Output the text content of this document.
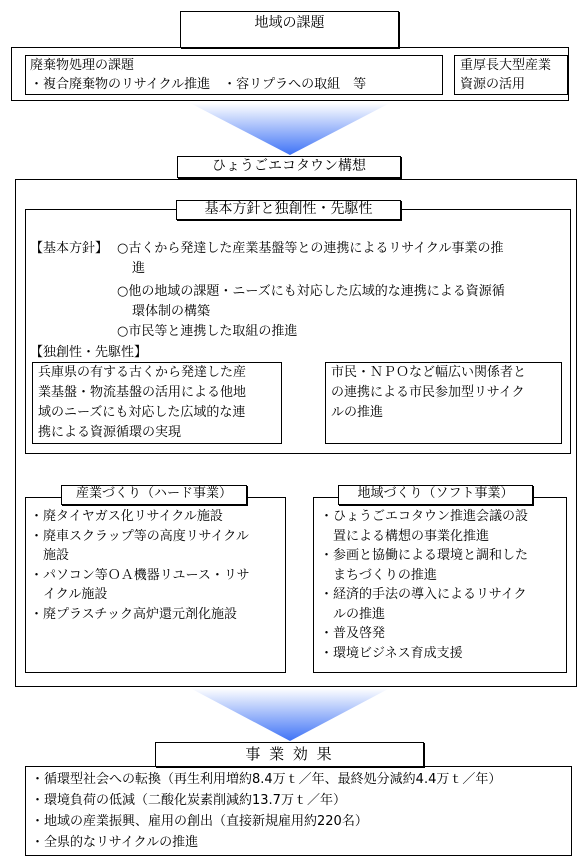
地域の課題
廃棄物処理の課題
・複合廃棄物のリサイクル推進　・容リプラへの取組　等
重厚長大型産業
資源の活用
ひょうごエコタウン構想
基本方針と独創性・先駆性
【基本方針】 ○古くから発達した産業基盤等との連携によるリサイクル事業の推
進
○他の地域の課題・ニーズにも対応した広域的な連携による資源循
環体制の構築
○市民等と連携した取組の推進
【独創性・先駆性】
兵庫県の有する古くから発達した産
業基盤・物流基盤の活用による他地
域のニーズにも対応した広域的な連
携による資源循環の実現
市民・ＮＰＯなど幅広い関係者と
の連携による市民参加型リサイク
ルの推進
産業づくり（ハード事業）
・廃タイヤガス化リサイクル施設
・廃車スクラップ等の高度リサイクル
　施設
・パソコン等ＯＡ機器リユース・リサ
　イクル施設
・廃プラスチック高炉還元剤化施設
地域づくり（ソフト事業）
・ひょうごエコタウン推進会議の設
　置による構想の事業化推進
・参画と協働による環境と調和した
　まちづくりの推進
・経済的手法の導入によるリサイク
　ルの推進
・普及啓発
・環境ビジネス育成支援
事 業 効 果
・循環型社会への転換（再生利用増約8.4万ｔ／年、最終処分減約4.4万ｔ／年）
・環境負荷の低減（二酸化炭素削減約13.7万ｔ／年）
・地域の産業振興、雇用の創出（直接新規雇用約220名）
・全県的なリサイクルの推進
